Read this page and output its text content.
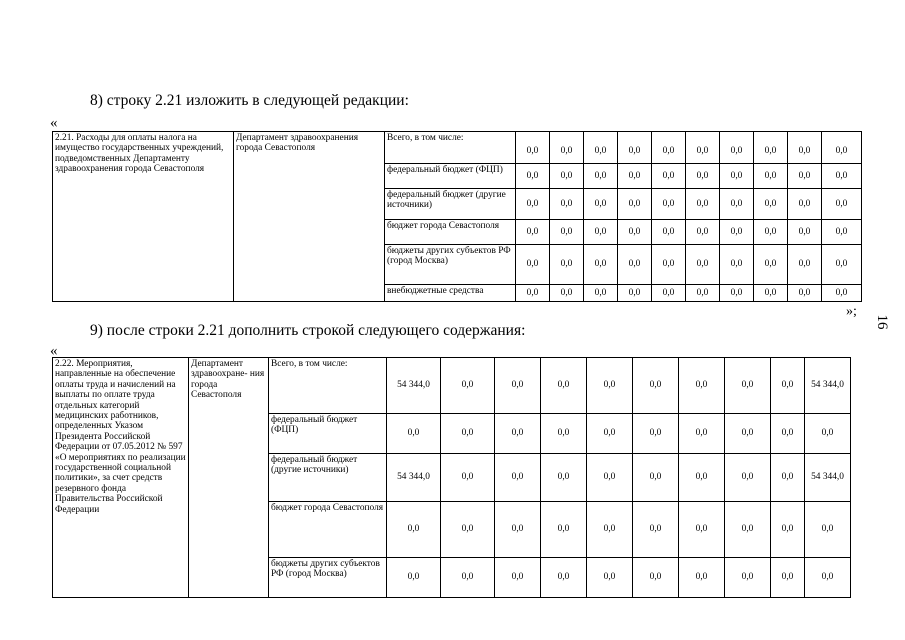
8) строку 2.21 изложить в следующей редакции:
«
2.21. Расходы для оплаты налога на имущество государственных учреждений, подведомственных Департаменту здравоохранения города Севастополя	Департамент здравоохранения города Севастополя	Всего, в том числе:	0,0	0,0	0,0	0,0	0,0	0,0	0,0	0,0	0,0	0,0
		федеральный бюджет (ФЦП)	0,0	0,0	0,0	0,0	0,0	0,0	0,0	0,0	0,0	0,0
		федеральный бюджет (другие источники)	0,0	0,0	0,0	0,0	0,0	0,0	0,0	0,0	0,0	0,0
		бюджет города Севастополя	0,0	0,0	0,0	0,0	0,0	0,0	0,0	0,0	0,0	0,0
		бюджеты других субъектов РФ (город Москва)	0,0	0,0	0,0	0,0	0,0	0,0	0,0	0,0	0,0	0,0
		внебюджетные средства	0,0	0,0	0,0	0,0	0,0	0,0	0,0	0,0	0,0	0,0
»;
16
9) после строки 2.21 дополнить строкой следующего содержания:
«
2.22. Мероприятия, направленные на обеспечение оплаты труда и начислений на выплаты по оплате труда отдельных категорий медицинских работников, определенных Указом Президента Российской Федерации от 07.05.2012 № 597 «О мероприятиях по реализации государственной социальной политики», за счет средств резервного фонда Правительства Российской Федерации	Департамент здравоохране- ния города Севастополя	Всего, в том числе:	54 344,0	0,0	0,0	0,0	0,0	0,0	0,0	0,0	0,0	54 344,0
		федеральный бюджет (ФЦП)	0,0	0,0	0,0	0,0	0,0	0,0	0,0	0,0	0,0	0,0
		федеральный бюджет (другие источники)	54 344,0	0,0	0,0	0,0	0,0	0,0	0,0	0,0	0,0	54 344,0
		бюджет города Севастополя	0,0	0,0	0,0	0,0	0,0	0,0	0,0	0,0	0,0	0,0
		бюджеты других субъектов РФ (город Москва)	0,0	0,0	0,0	0,0	0,0	0,0	0,0	0,0	0,0	0,0
